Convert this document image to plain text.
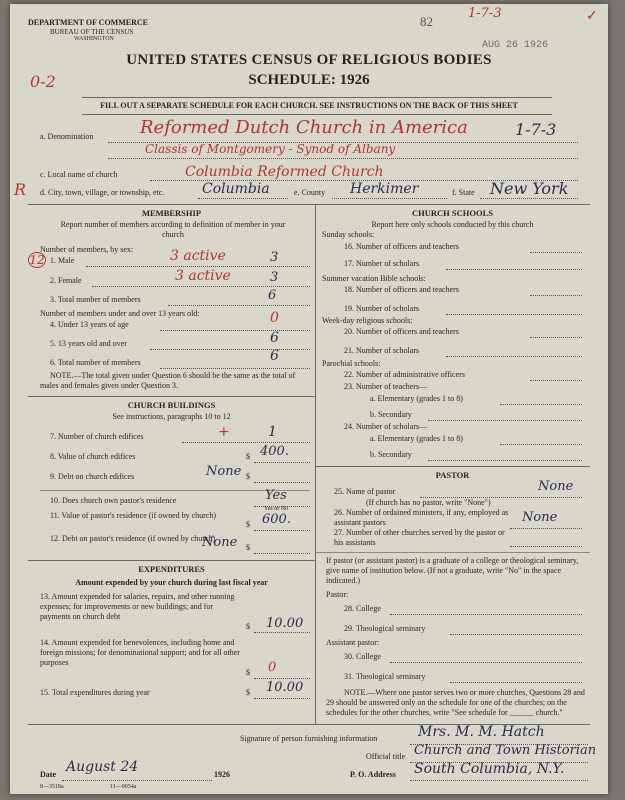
DEPARTMENT OF COMMERCE
BUREAU OF THE CENSUS
WASHINGTON
82
1-7-3
AUG 26 1926
✓
UNITED STATES CENSUS OF RELIGIOUS BODIES
SCHEDULE: 1926
0-2
FILL OUT A SEPARATE SCHEDULE FOR EACH CHURCH. SEE INSTRUCTIONS ON THE BACK OF THIS SHEET
a. Denomination	Reformed Dutch Church in America	1-7-3
Classis of Montgomery - Synod of Albany
c. Local name of church	Columbia Reformed Church
R d. City, town, village, or township, etc.	Columbia	e. County Herkimer	f. State New York
MEMBERSHIP
Report number of members according to definition of member in your church
Number of members, by sex:
12 1. Male	3 active	3
2. Female	3 active	3
3. Total number of members	6
Number of members under and over 13 years old:
4. Under 13 years of age	0
5. 13 years old and over	6
6. Total number of members	6
NOTE.—The total given under Question 6 should be the same as the total of males and females given under Question 3.
CHURCH BUILDINGS
See instructions, paragraphs 10 to 12
7. Number of church edifices	+	1
8. Value of church edifices	$ 400.
9. Debt on church edifices	$
None
10. Does church own pastor's residence	Yes
Yes or No
11. Value of pastor's residence (if owned by church)
$ 600.
12. Debt on pastor's residence (if owned by church)
$
None
EXPENDITURES
Amount expended by your church during last fiscal year
13. Amount expended for salaries, repairs, and other running expenses; for improvements or new buildings; and for payments on church debt
$ 10.00
14. Amount expended for benevolences, including home and foreign missions; for denominational support; and for all other purposes
$ 0
15. Total expenditures during year	$ 10.00
CHURCH SCHOOLS
Report here only schools conducted by this church
Sunday schools:
16. Number of officers and teachers
17. Number of scholars
Summer vacation Bible schools:
18. Number of officers and teachers
19. Number of scholars
Week-day religious schools:
20. Number of officers and teachers
21. Number of scholars
Parochial schools:
22. Number of administrative officers
23. Number of teachers—
a. Elementary (grades 1 to 8)
b. Secondary
24. Number of scholars—
a. Elementary (grades 1 to 8)
b. Secondary
PASTOR
25. Name of pastor	None
(If church has no pastor, write "None")
26. Number of ordained ministers, if any, employed as assistant pastors	None
27. Number of other churches served by the pastor or his assistants
If pastor (or assistant pastor) is a graduate of a college or theological seminary, give name of institution below. (If not a graduate, write "No" in the space indicated.)
Pastor:
28. College
29. Theological seminary
Assistant pastor:
30. College
31. Theological seminary
NOTE.—Where one pastor serves two or more churches, Questions 28 and 29 should be answered only on the schedule for one of the churches; on the schedules for the other churches, write "See schedule for ______ church."
Signature of person furnishing information	Mrs. M. M. Hatch
Official title Church and Town Historian
Date August 24	1926
8—3518a	11—9054a
P. O. Address South Columbia, N.Y.
